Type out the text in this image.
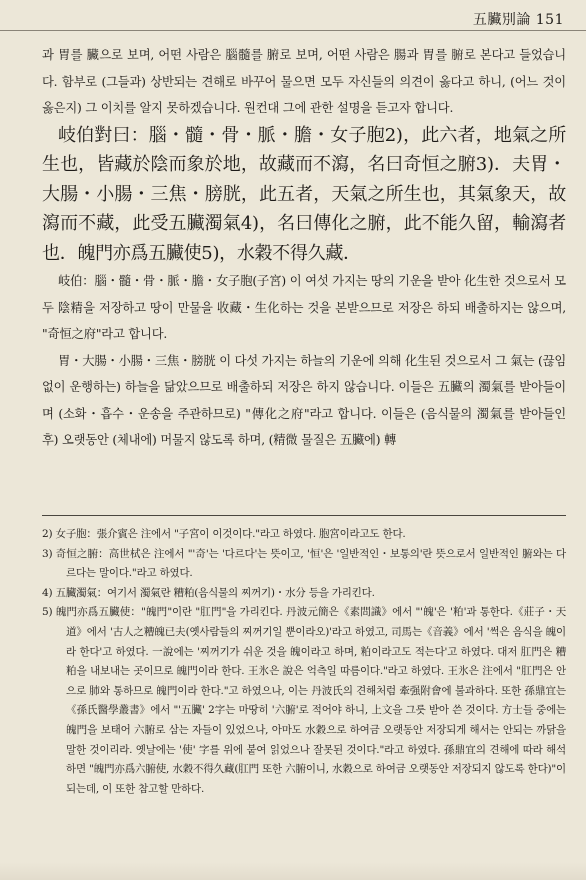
五臟別論 151

과 胃를 臟으로 보며, 어떤 사람은 腦髓를 腑로 보며, 어떤 사람은 腸과 胃를 腑로 본다고 들었습니다. 함부로 (그들과) 상반되는 견해로 바꾸어 물으면 모두 자신들의 의견이 옳다고 하니, (어느 것이 옳은지) 그 이치를 알지 못하겠습니다. 원컨대 그에 관한 설명을 듣고자 합니다.

岐伯對曰：腦・髓・骨・脈・膽・女子胞2)，此六者，地氣之所生也，皆藏於陰而象於地，故藏而不瀉，名曰奇恒之腑3)．夫胃・大腸・小腸・三焦・膀胱，此五者，天氣之所生也，其氣象天，故瀉而不藏，此受五臟濁氣4)，名曰傳化之腑，此不能久留，輸瀉者也．魄門亦爲五臟使5)，水穀不得久藏．

岐伯：腦・髓・骨・脈・膽・女子胞(子宮) 이 여섯 가지는 땅의 기운을 받아 化生한 것으로서 모두 陰精을 저장하고 땅이 만물을 收藏・生化하는 것을 본받으므로 저장은 하되 배출하지는 않으며, "奇恒之府"라고 합니다.

胃・大腸・小腸・三焦・膀胱 이 다섯 가지는 하늘의 기운에 의해 化生된 것으로서 그 氣는 (끊임없이 운행하는) 하늘을 닮았으므로 배출하되 저장은 하지 않습니다. 이들은 五臟의 濁氣를 받아들이며 (소화・흡수・운송을 주관하므로) "傳化之府"라고 합니다. 이들은 (음식물의 濁氣를 받아들인 후) 오랫동안 (체내에) 머물지 않도록 하며, (精微 물질은 五臟에) 轉

2) 女子胞：張介賓은 注에서 "子宮이 이것이다."라고 하였다. 胞宮이라고도 한다.

3) 奇恒之腑：高世栻은 注에서 "'奇'는 '다르다'는 뜻이고, '恒'은 '일반적인・보통의'란 뜻으로서 일반적인 腑와는 다르다는 말이다."라고 하였다.

4) 五臟濁氣：여기서 濁氣란 糟粕(음식물의 찌꺼기)・水分 등을 가리킨다.

5) 魄門亦爲五臟使："魄門"이란 "肛門"을 가리킨다. 丹波元簡은《素問識》에서 "'魄'은 '粕'과 통한다.《莊子・天道》에서 '古人之糟魄已夫(옛사람들의 찌꺼기일 뿐이라오)'라고 하였고, 司馬는《音義》에서 '썩은 음식을 魄이라 한다'고 하였다. 一說에는 '찌꺼기가 쉬운 것을 魄이라고 하며, 粕이라고도 적는다'고 하였다. 대저 肛門은 糟粕을 내보내는 곳이므로 魄門이라 한다. 王氷은 說은 억측일 따름이다."라고 하였다. 王氷은 注에서 "肛門은 안으로 肺와 통하므로 魄門이라 한다."고 하였으나, 이는 丹波氏의 견해처럼 牽强附會에 불과하다. 또한 孫鼎宜는《孫氏醫學叢書》에서 "'五臟' 2字는 마땅히 '六腑'로 적어야 하니, 上文을 그릇 받아 쓴 것이다. 方士들 중에는 魄門을 보태어 六腑로 삼는 자들이 있었으나, 아마도 水穀으로 하여금 오랫동안 저장되게 해서는 안되는 까닭을 말한 것이리라. 옛날에는 '使' 字를 위에 붙여 읽었으나 잘못된 것이다."라고 하였다. 孫鼎宜의 견해에 따라 해석하면 "魄門亦爲六腑使, 水穀不得久藏(肛門 또한 六腑이니, 水穀으로 하여금 오랫동안 저장되지 않도록 한다)"이 되는데, 이 또한 참고할 만하다.
